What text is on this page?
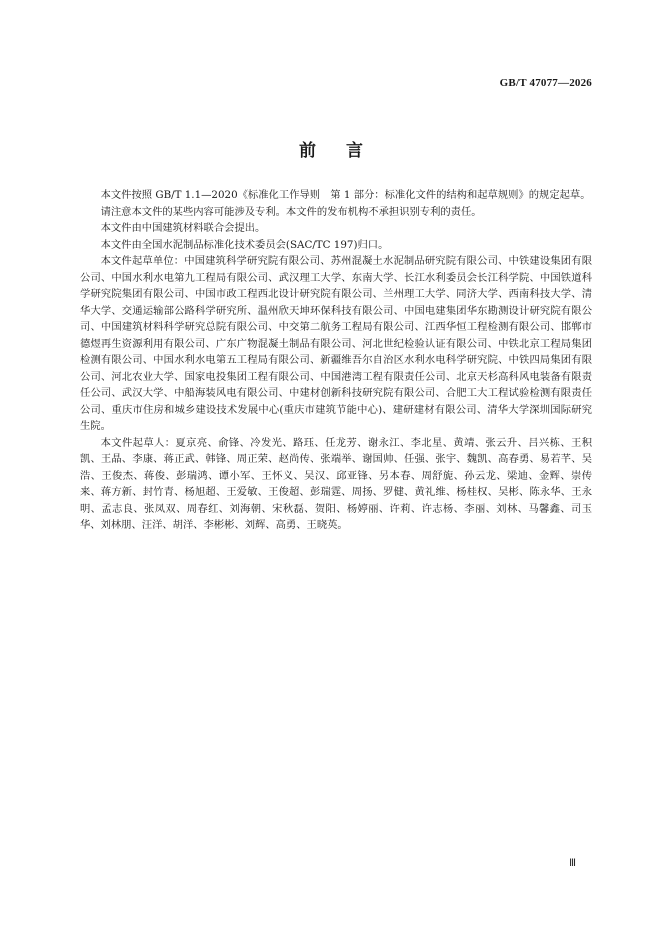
GB/T 47077—2026
前言

本文件按照 GB/T 1.1—2020《标准化工作导则　第 1 部分：标准化文件的结构和起草规则》的规定起草。

请注意本文件的某些内容可能涉及专利。本文件的发布机构不承担识别专利的责任。

本文件由中国建筑材料联合会提出。

本文件由全国水泥制品标准化技术委员会(SAC/TC 197)归口。

本文件起草单位：中国建筑科学研究院有限公司、苏州混凝土水泥制品研究院有限公司、中铁建设集团有限公司、中国水利水电第九工程局有限公司、武汉理工大学、东南大学、长江水利委员会长江科学院、中国铁道科学研究院集团有限公司、中国市政工程西北设计研究院有限公司、兰州理工大学、同济大学、西南科技大学、清华大学、交通运输部公路科学研究所、温州欣天坤环保科技有限公司、中国电建集团华东勘测设计研究院有限公司、中国建筑材料科学研究总院有限公司、中交第二航务工程局有限公司、江西华恒工程检测有限公司、邯郸市德煜再生资源利用有限公司、广东广物混凝土制品有限公司、河北世纪检验认证有限公司、中铁北京工程局集团检测有限公司、中国水利水电第五工程局有限公司、新疆维吾尔自治区水利水电科学研究院、中铁四局集团有限公司、河北农业大学、国家电投集团工程有限公司、中国港湾工程有限责任公司、北京天杉高科风电装备有限责任公司、武汉大学、中船海装风电有限公司、中建材创新科技研究院有限公司、合肥工大工程试验检测有限责任公司、重庆市住房和城乡建设技术发展中心(重庆市建筑节能中心)、建研建材有限公司、清华大学深圳国际研究生院。

本文件起草人：夏京亮、俞锋、冷发光、路珏、任龙芳、谢永江、李北星、黄靖、张云升、吕兴栋、王积凯、王晶、李康、蒋正武、韩锋、周正荣、赵尚传、张端举、谢国帅、任强、张宇、魏凯、高春勇、易若芊、吴浩、王俊杰、蒋俊、彭瑞鸿、谭小军、王怀义、吴汉、邱亚锋、另本春、周舒旎、孙云龙、梁迪、金辉、崇传来、蒋方新、封竹青、杨旭超、王爱敏、王俊超、彭瑞霆、周扬、罗健、黄礼维、杨桂权、吴彬、陈永华、王永明、孟志良、张凤双、周春红、刘海朝、宋秋磊、贺阳、杨婷丽、许莉、许志杨、李丽、刘林、马馨鑫、司玉华、刘林朋、汪洋、胡洋、李彬彬、刘辉、高勇、王晓英。

Ⅲ
